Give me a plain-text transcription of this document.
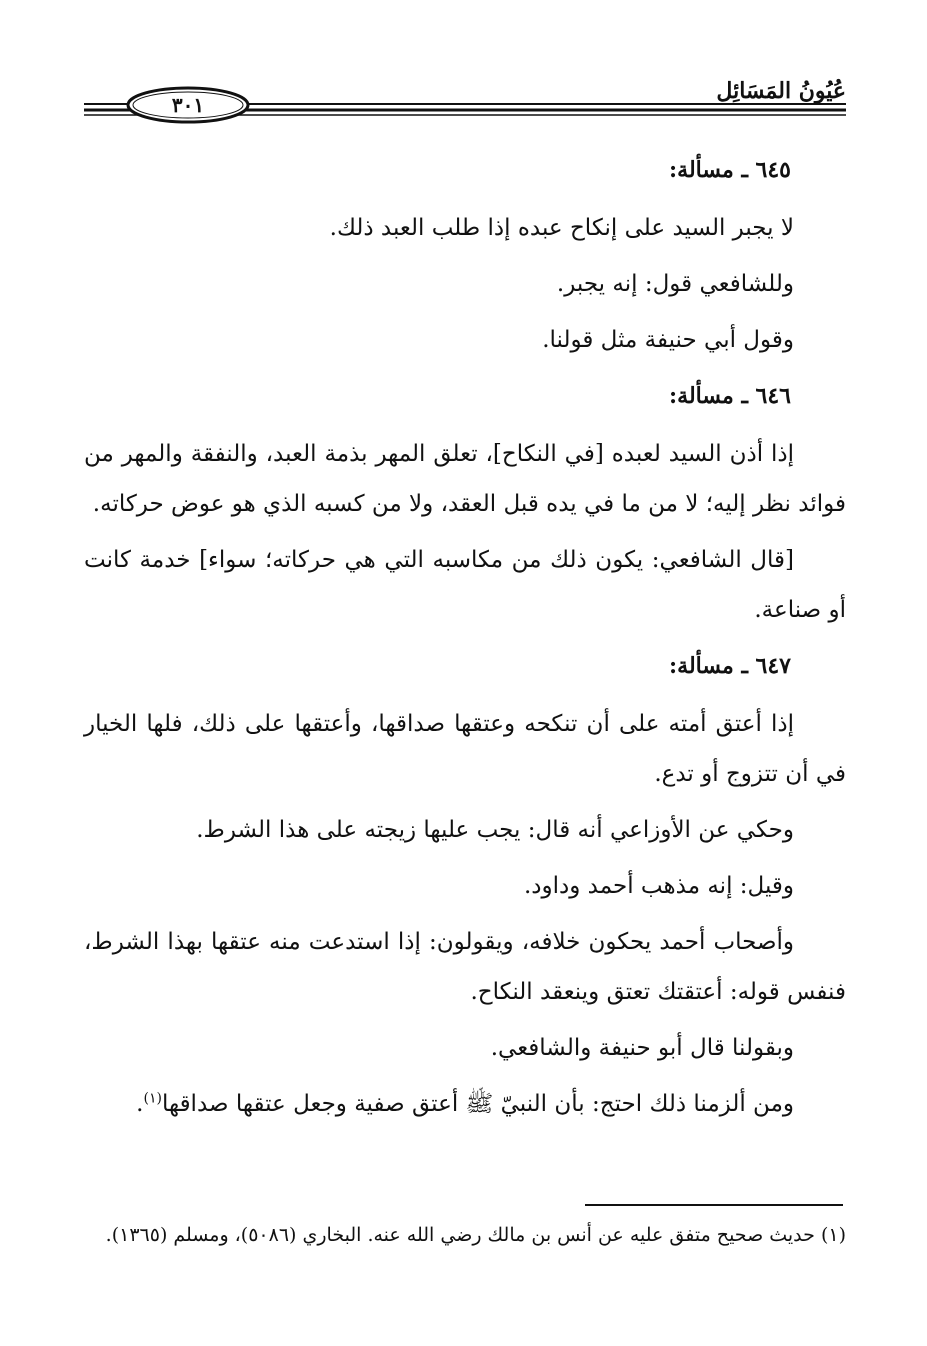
٣٠١
عُيُونُ المَسَائِل
٦٤٥ ـ مسألة:

لا يجبر السيد على إنكاح عبده إذا طلب العبد ذلك.

وللشافعي قول: إنه يجبر.

وقول أبي حنيفة مثل قولنا.

٦٤٦ ـ مسألة:

إذا أذن السيد لعبده [في النكاح]، تعلق المهر بذمة العبد، والنفقة والمهر من فوائد نظر إليه؛ لا من ما في يده قبل العقد، ولا من كسبه الذي هو عوض حركاته.

[قال الشافعي: يكون ذلك من مكاسبه التي هي حركاته؛ سواء] خدمة كانت أو صناعة.

٦٤٧ ـ مسألة:

إذا أعتق أمته على أن تنكحه وعتقها صداقها، وأعتقها على ذلك، فلها الخيار في أن تتزوج أو تدع.

وحكي عن الأوزاعي أنه قال: يجب عليها زيجته على هذا الشرط.

وقيل: إنه مذهب أحمد وداود.

وأصحاب أحمد يحكون خلافه، ويقولون: إذا استدعت منه عتقها بهذا الشرط، فنفس قوله: أعتقتك تعتق وينعقد النكاح.

وبقولنا قال أبو حنيفة والشافعي.

ومن ألزمنا ذلك احتج: بأن النبيّ ﷺ أعتق صفية وجعل عتقها صداقها$^{(١)}$.

(١) حديث صحيح متفق عليه عن أنس بن مالك رضي الله عنه. البخاري (٥٠٨٦)، ومسلم (١٣٦٥).
